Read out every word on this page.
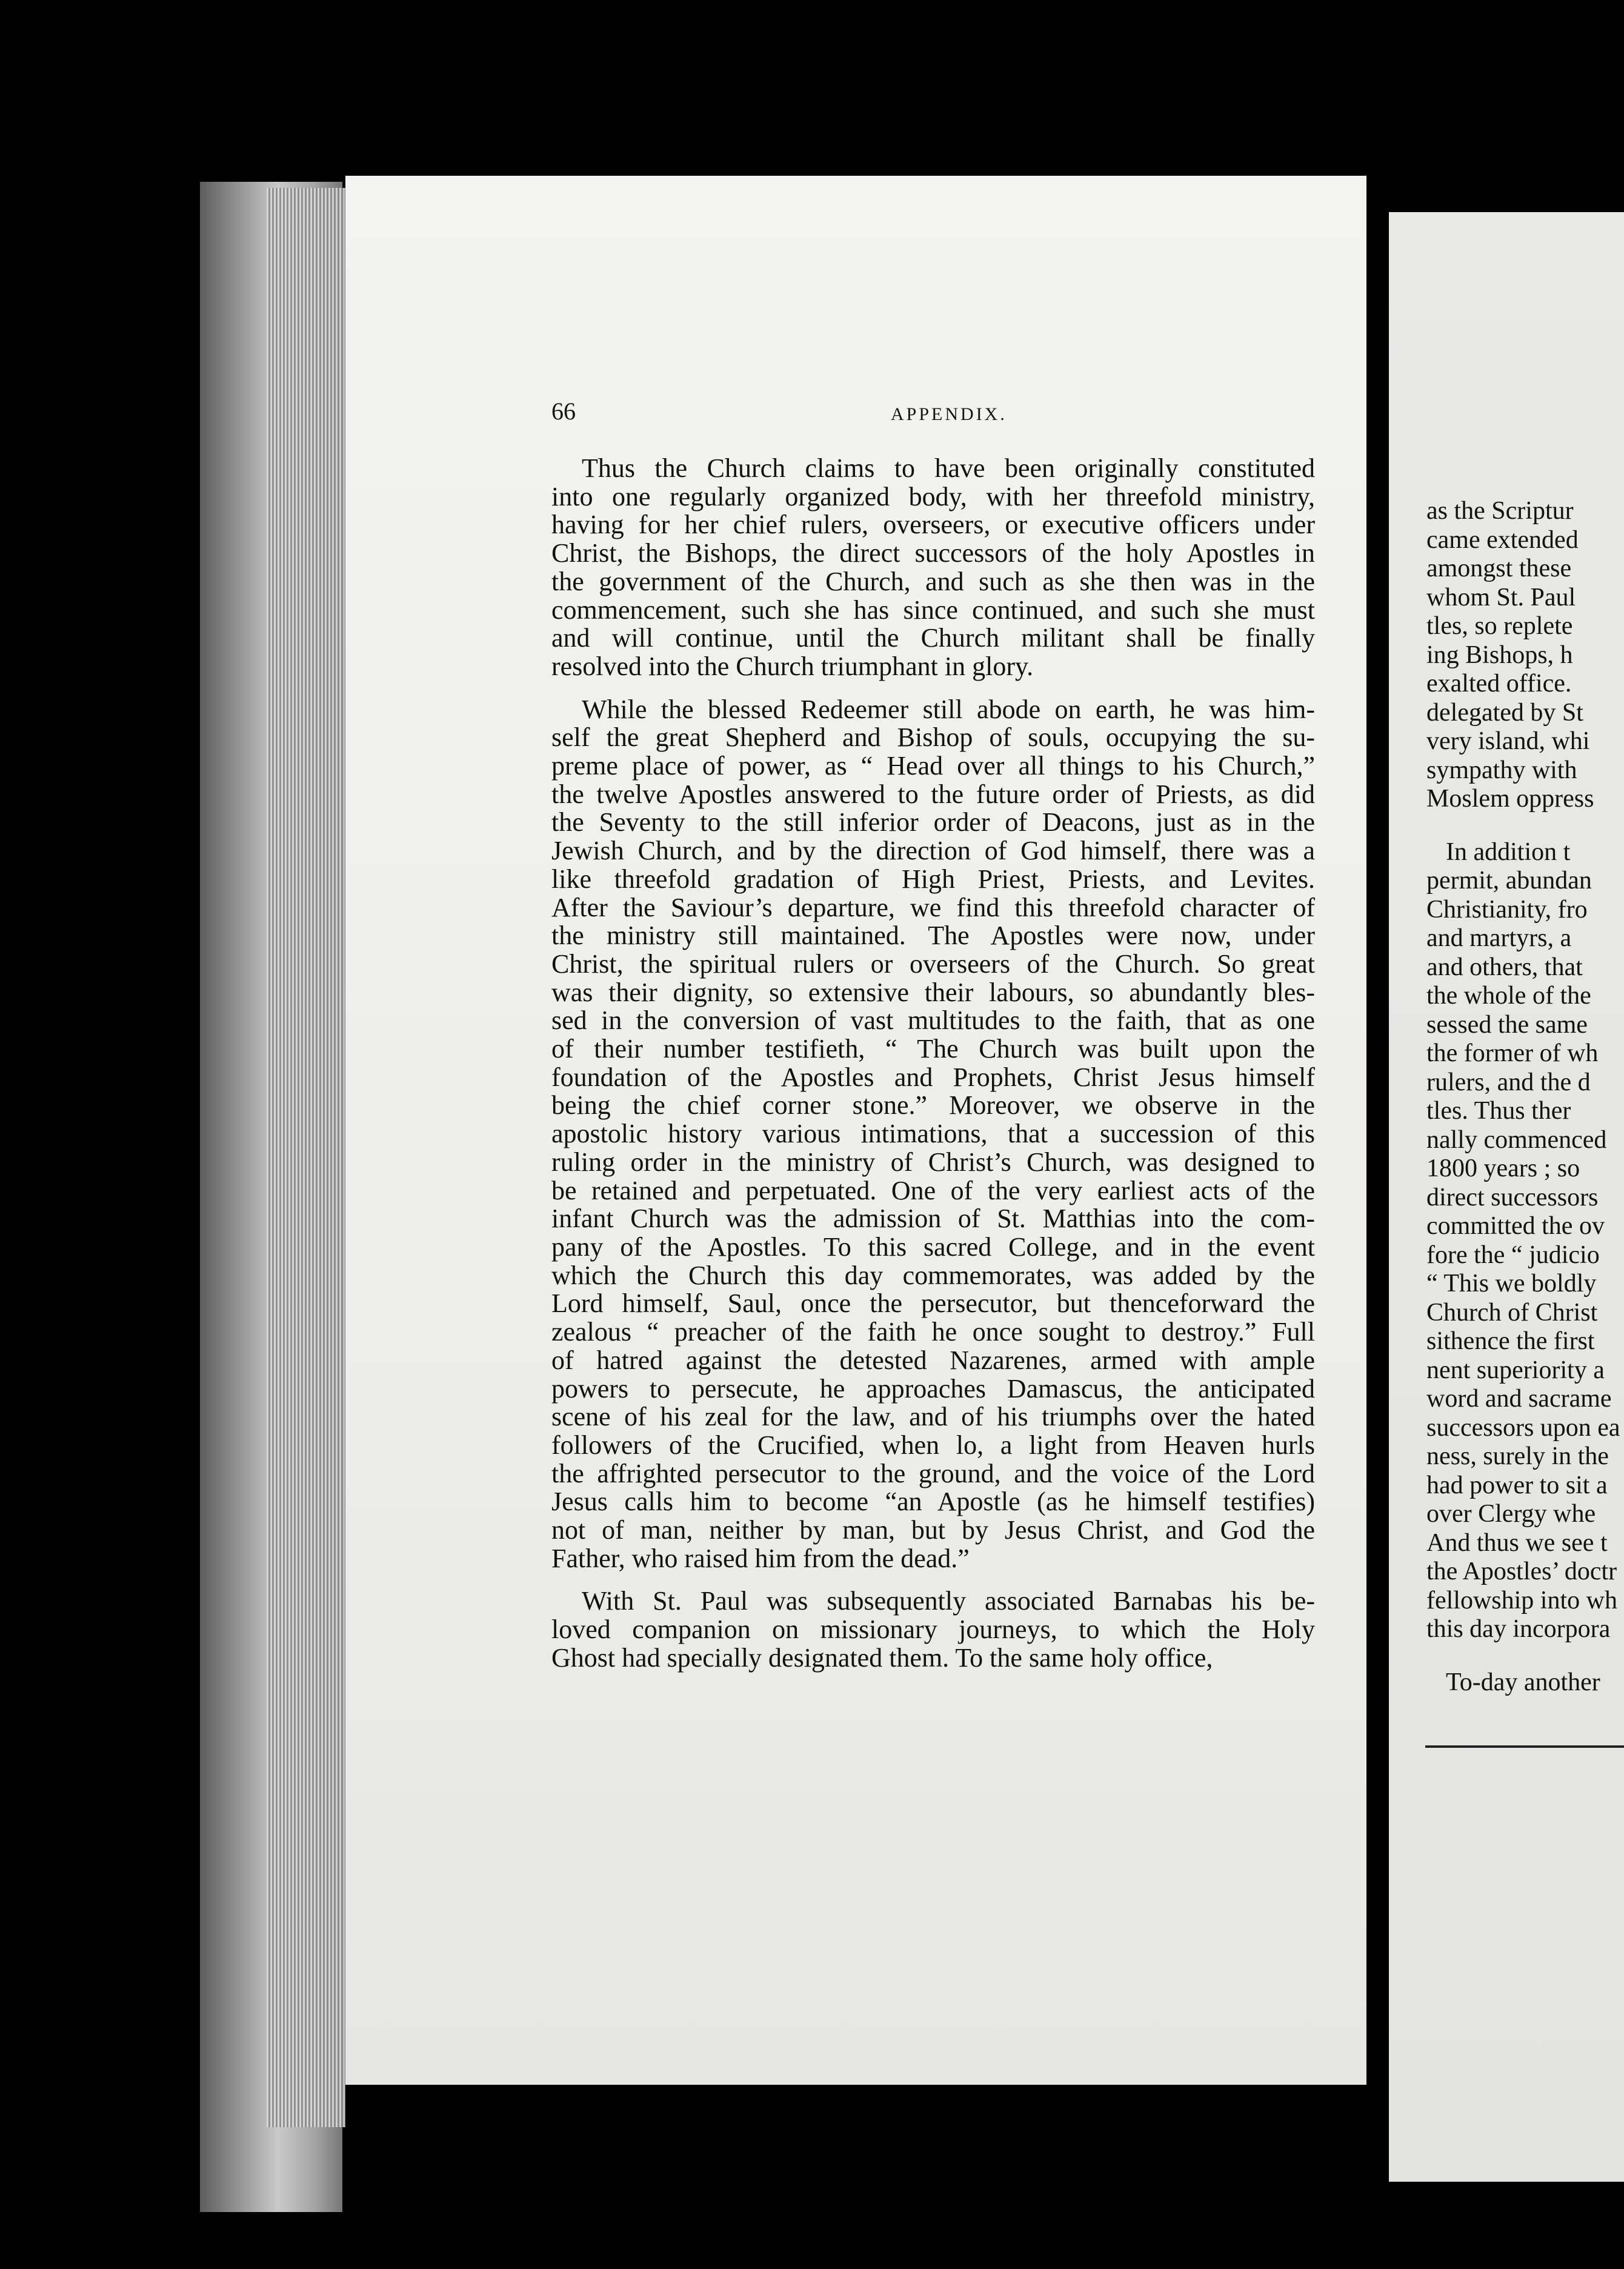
66	APPENDIX.

Thus the Church claims to have been originally constituted
into one regularly organized body, with her threefold ministry,
having for her chief rulers, overseers, or executive officers under
Christ, the Bishops, the direct successors of the holy Apostles in
the government of the Church, and such as she then was in the
commencement, such she has since continued, and such she must
and will continue, until the Church militant shall be finally
resolved into the Church triumphant in glory.

While the blessed Redeemer still abode on earth, he was him-
self the great Shepherd and Bishop of souls, occupying the su-
preme place of power, as “ Head over all things to his Church,”
the twelve Apostles answered to the future order of Priests, as did
the Seventy to the still inferior order of Deacons, just as in the
Jewish Church, and by the direction of God himself, there was a
like threefold gradation of High Priest, Priests, and Levites.
After the Saviour’s departure, we find this threefold character of
the ministry still maintained. The Apostles were now, under
Christ, the spiritual rulers or overseers of the Church. So great
was their dignity, so extensive their labours, so abundantly bles-
sed in the conversion of vast multitudes to the faith, that as one
of their number testifieth, “ The Church was built upon the
foundation of the Apostles and Prophets, Christ Jesus himself
being the chief corner stone.” Moreover, we observe in the
apostolic history various intimations, that a succession of this
ruling order in the ministry of Christ’s Church, was designed to
be retained and perpetuated. One of the very earliest acts of the
infant Church was the admission of St. Matthias into the com-
pany of the Apostles. To this sacred College, and in the event
which the Church this day commemorates, was added by the
Lord himself, Saul, once the persecutor, but thenceforward the
zealous “ preacher of the faith he once sought to destroy.” Full
of hatred against the detested Nazarenes, armed with ample
powers to persecute, he approaches Damascus, the anticipated
scene of his zeal for the law, and of his triumphs over the hated
followers of the Crucified, when lo, a light from Heaven hurls
the affrighted persecutor to the ground, and the voice of the Lord
Jesus calls him to become “an Apostle (as he himself testifies)
not of man, neither by man, but by Jesus Christ, and God the
Father, who raised him from the dead.”

With St. Paul was subsequently associated Barnabas his be-
loved companion on missionary journeys, to which the Holy
Ghost had specially designated them. To the same holy office,

as the Scriptur
came extended
amongst these
whom St. Paul
tles, so replete
ing Bishops, h
exalted office.
delegated by St
very island, whi
sympathy with
Moslem oppress
In addition t
permit, abundan
Christianity, fro
and martyrs, a
and others, that
the whole of the
sessed the same
the former of wh
rulers, and the d
tles. Thus ther
nally commenced
1800 years ; so
direct successors
committed the ov
fore the “ judicio
“ This we boldly
Church of Christ
sithence the first
nent superiority a
word and sacrame
successors upon ea
ness, surely in the
had power to sit a
over Clergy whe
And thus we see t
the Apostles’ doctr
fellowship into wh
this day incorpora
To-day another
